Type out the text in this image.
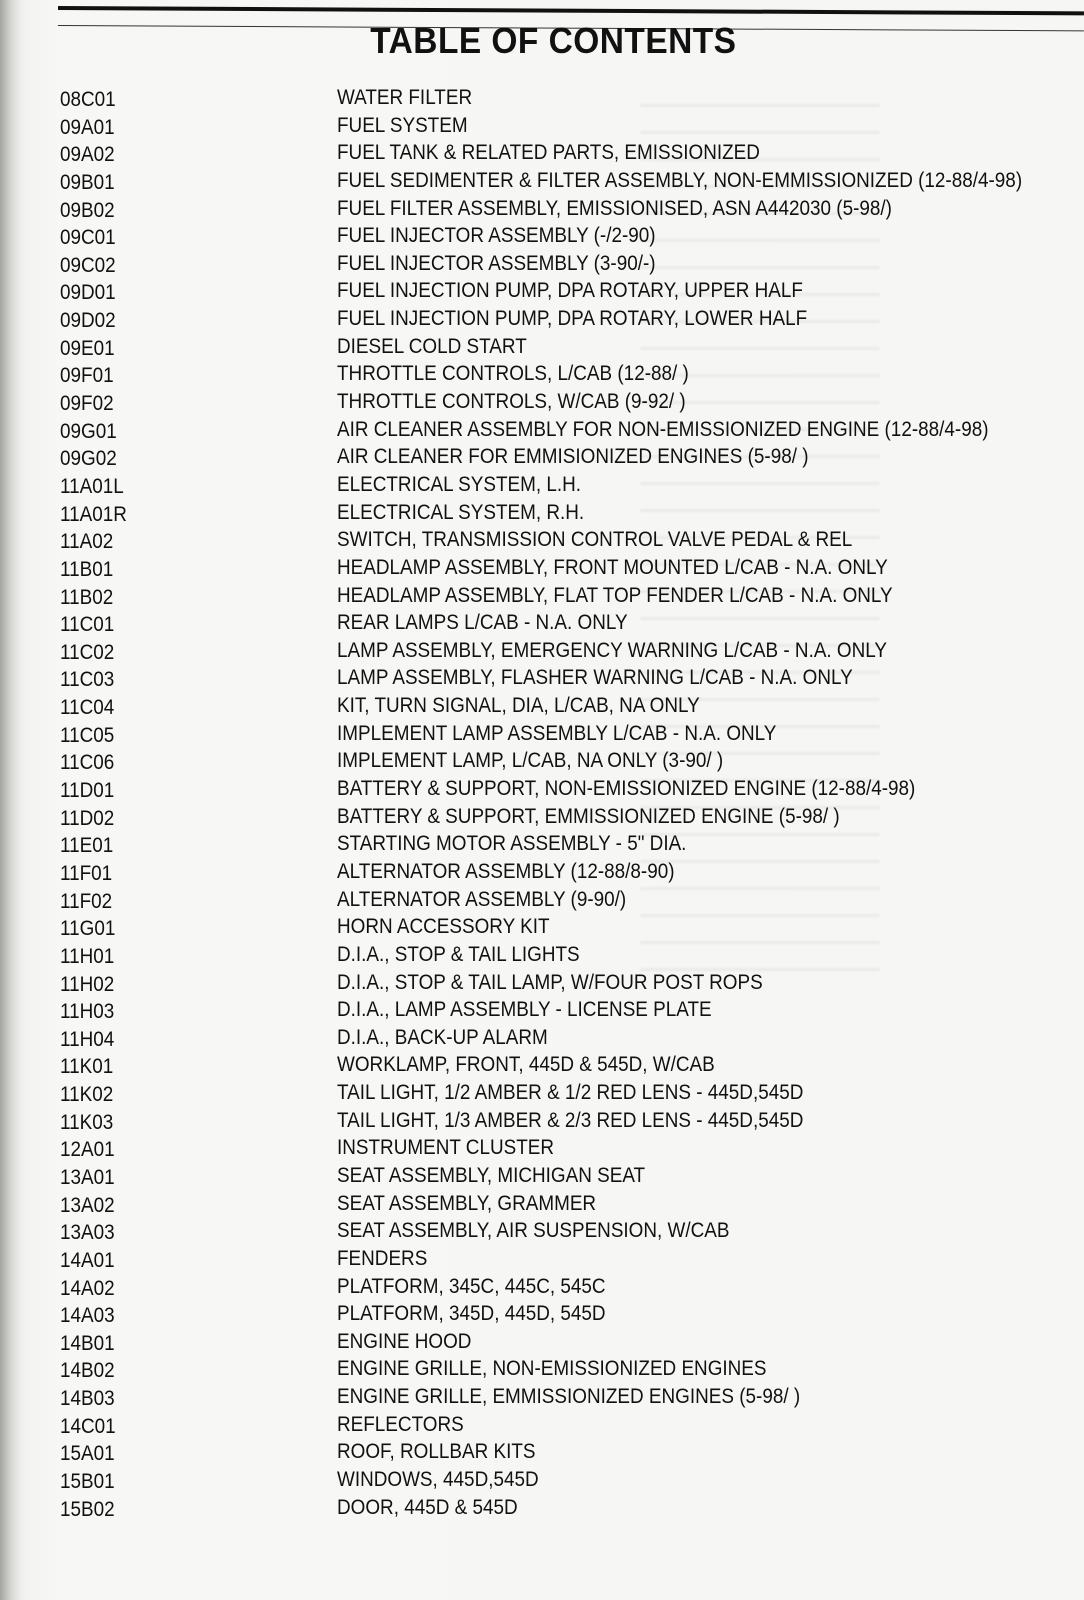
TABLE OF CONTENTS
08C01	WATER FILTER
09A01	FUEL SYSTEM
09A02	FUEL TANK & RELATED PARTS, EMISSIONIZED
09B01	FUEL SEDIMENTER & FILTER ASSEMBLY, NON-EMMISSIONIZED (12-88/4-98)
09B02	FUEL FILTER ASSEMBLY, EMISSIONISED, ASN A442030 (5-98/)
09C01	FUEL INJECTOR ASSEMBLY (-/2-90)
09C02	FUEL INJECTOR ASSEMBLY (3-90/-)
09D01	FUEL INJECTION PUMP, DPA ROTARY, UPPER HALF
09D02	FUEL INJECTION PUMP, DPA ROTARY, LOWER HALF
09E01	DIESEL COLD START
09F01	THROTTLE CONTROLS, L/CAB (12-88/ )
09F02	THROTTLE CONTROLS, W/CAB (9-92/ )
09G01	AIR CLEANER ASSEMBLY FOR NON-EMISSIONIZED ENGINE (12-88/4-98)
09G02	AIR CLEANER FOR EMMISIONIZED ENGINES (5-98/ )
11A01L	ELECTRICAL SYSTEM, L.H.
11A01R	ELECTRICAL SYSTEM, R.H.
11A02	SWITCH, TRANSMISSION CONTROL VALVE PEDAL & REL
11B01	HEADLAMP ASSEMBLY, FRONT MOUNTED L/CAB - N.A. ONLY
11B02	HEADLAMP ASSEMBLY, FLAT TOP FENDER L/CAB - N.A. ONLY
11C01	REAR LAMPS L/CAB - N.A. ONLY
11C02	LAMP ASSEMBLY, EMERGENCY WARNING L/CAB - N.A. ONLY
11C03	LAMP ASSEMBLY, FLASHER WARNING L/CAB - N.A. ONLY
11C04	KIT, TURN SIGNAL, DIA, L/CAB, NA ONLY
11C05	IMPLEMENT LAMP ASSEMBLY L/CAB - N.A. ONLY
11C06	IMPLEMENT LAMP, L/CAB, NA ONLY (3-90/ )
11D01	BATTERY & SUPPORT, NON-EMISSIONIZED ENGINE (12-88/4-98)
11D02	BATTERY & SUPPORT, EMMISSIONIZED ENGINE (5-98/ )
11E01	STARTING MOTOR ASSEMBLY - 5" DIA.
11F01	ALTERNATOR ASSEMBLY (12-88/8-90)
11F02	ALTERNATOR ASSEMBLY (9-90/)
11G01	HORN ACCESSORY KIT
11H01	D.I.A., STOP & TAIL LIGHTS
11H02	D.I.A., STOP & TAIL LAMP, W/FOUR POST ROPS
11H03	D.I.A., LAMP ASSEMBLY - LICENSE PLATE
11H04	D.I.A., BACK-UP ALARM
11K01	WORKLAMP, FRONT, 445D & 545D, W/CAB
11K02	TAIL LIGHT, 1/2 AMBER & 1/2 RED LENS - 445D,545D
11K03	TAIL LIGHT, 1/3 AMBER & 2/3 RED LENS - 445D,545D
12A01	INSTRUMENT CLUSTER
13A01	SEAT ASSEMBLY, MICHIGAN SEAT
13A02	SEAT ASSEMBLY, GRAMMER
13A03	SEAT ASSEMBLY, AIR SUSPENSION, W/CAB
14A01	FENDERS
14A02	PLATFORM, 345C, 445C, 545C
14A03	PLATFORM, 345D, 445D, 545D
14B01	ENGINE HOOD
14B02	ENGINE GRILLE, NON-EMISSIONIZED ENGINES
14B03	ENGINE GRILLE, EMMISSIONIZED ENGINES (5-98/ )
14C01	REFLECTORS
15A01	ROOF, ROLLBAR KITS
15B01	WINDOWS, 445D,545D
15B02	DOOR, 445D & 545D
